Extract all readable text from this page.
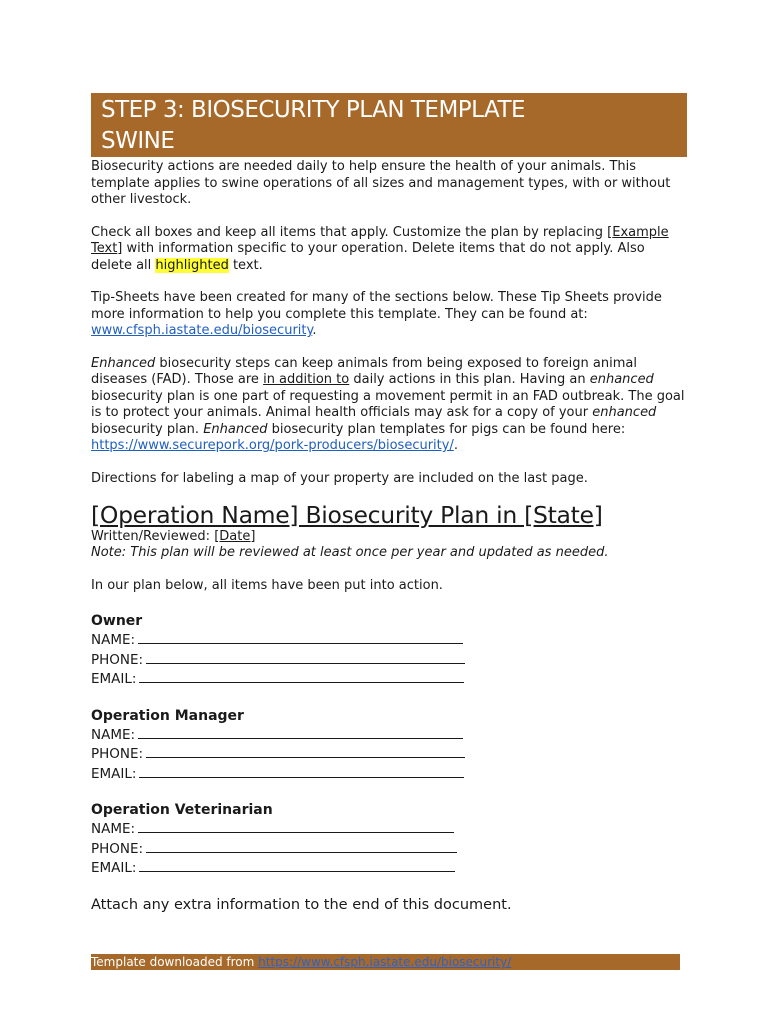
STEP 3: BIOSECURITY PLAN TEMPLATE
SWINE

Biosecurity actions are needed daily to help ensure the health of your animals. This template applies to swine operations of all sizes and management types, with or without other livestock.

Check all boxes and keep all items that apply. Customize the plan by replacing [Example Text] with information specific to your operation. Delete items that do not apply. Also delete all highlighted text.

Tip-Sheets have been created for many of the sections below. These Tip Sheets provide more information to help you complete this template. They can be found at: www.cfsph.iastate.edu/biosecurity.

Enhanced biosecurity steps can keep animals from being exposed to foreign animal diseases (FAD). Those are in addition to daily actions in this plan. Having an enhanced biosecurity plan is one part of requesting a movement permit in an FAD outbreak. The goal is to protect your animals. Animal health officials may ask for a copy of your enhanced biosecurity plan. Enhanced biosecurity plan templates for pigs can be found here: https://www.securepork.org/pork-producers/biosecurity/.

Directions for labeling a map of your property are included on the last page.

[Operation Name] Biosecurity Plan in [State]
Written/Reviewed: [Date]
Note: This plan will be reviewed at least once per year and updated as needed.
In our plan below, all items have been put into action.
Owner
NAME:
PHONE:
EMAIL:
Operation Manager
NAME:
PHONE:
EMAIL:
Operation Veterinarian
NAME:
PHONE:
EMAIL:
Attach any extra information to the end of this document.
Template downloaded from https://www.cfsph.iastate.edu/biosecurity/
